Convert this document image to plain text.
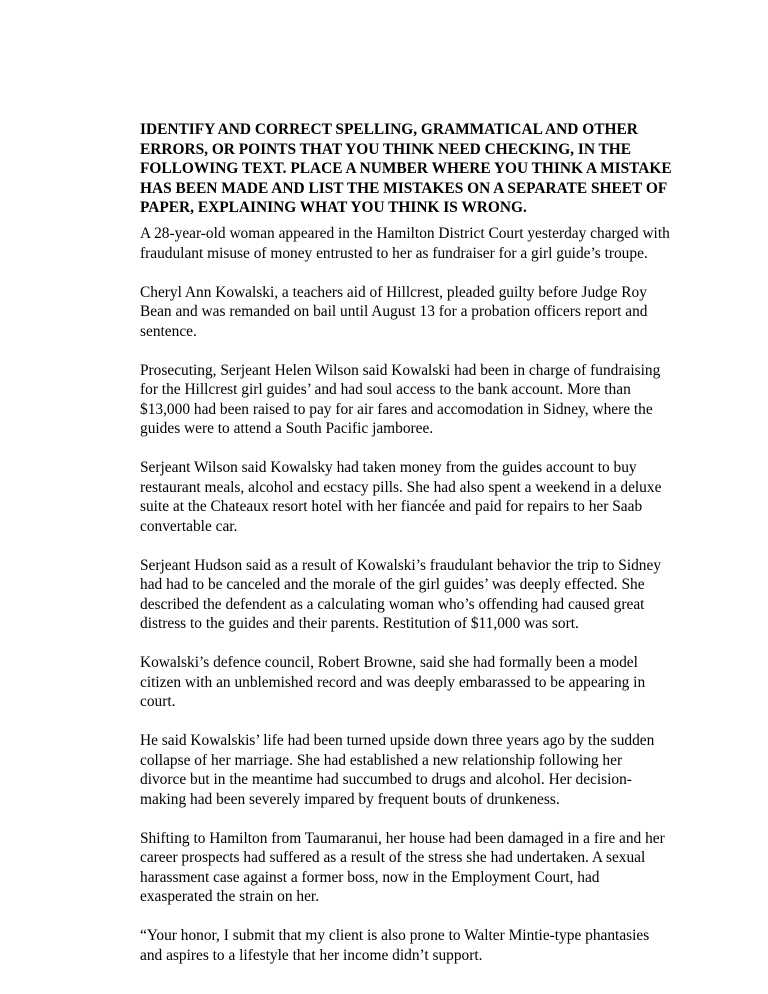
IDENTIFY AND CORRECT SPELLING, GRAMMATICAL AND OTHER ERRORS, OR POINTS THAT YOU THINK NEED CHECKING, IN THE FOLLOWING TEXT. PLACE A NUMBER WHERE YOU THINK A MISTAKE HAS BEEN MADE AND LIST THE MISTAKES ON A SEPARATE SHEET OF PAPER, EXPLAINING WHAT YOU THINK IS WRONG.

A 28-year-old woman appeared in the Hamilton District Court yesterday charged with fraudulant misuse of money entrusted to her as fundraiser for a girl guide’s troupe.

Cheryl Ann Kowalski, a teachers aid of Hillcrest, pleaded guilty before Judge Roy Bean and was remanded on bail until August 13 for a probation officers report and sentence.

Prosecuting, Serjeant Helen Wilson said Kowalski had been in charge of fundraising for the Hillcrest girl guides’ and had soul access to the bank account. More than $13,000 had been raised to pay for air fares and accomodation in Sidney, where the guides were to attend a South Pacific jamboree.

Serjeant Wilson said Kowalsky had taken money from the guides account to buy restaurant meals, alcohol and ecstacy pills. She had also spent a weekend in a deluxe suite at the Chateaux resort hotel with her fiancée and paid for repairs to her Saab convertable car.

Serjeant Hudson said as a result of Kowalski’s fraudulant behavior the trip to Sidney had had to be canceled and the morale of the girl guides’ was deeply effected. She described the defendent as a calculating woman who’s offending had caused great distress to the guides and their parents. Restitution of $11,000 was sort.

Kowalski’s defence council, Robert Browne, said she had formally been a model citizen with an unblemished record and was deeply embarassed to be appearing in court.

He said Kowalskis’ life had been turned upside down three years ago by the sudden collapse of her marriage. She had established a new relationship following her divorce but in the meantime had succumbed to drugs and alcohol. Her decision-making had been severely impared by frequent bouts of drunkeness.

Shifting to Hamilton from Taumaranui, her house had been damaged in a fire and her career prospects had suffered as a result of the stress she had undertaken. A sexual harassment case against a former boss, now in the Employment Court, had exasperated the strain on her.

“Your honor, I submit that my client is also prone to Walter Mintie-type phantasies and aspires to a lifestyle that her income didn’t support.
